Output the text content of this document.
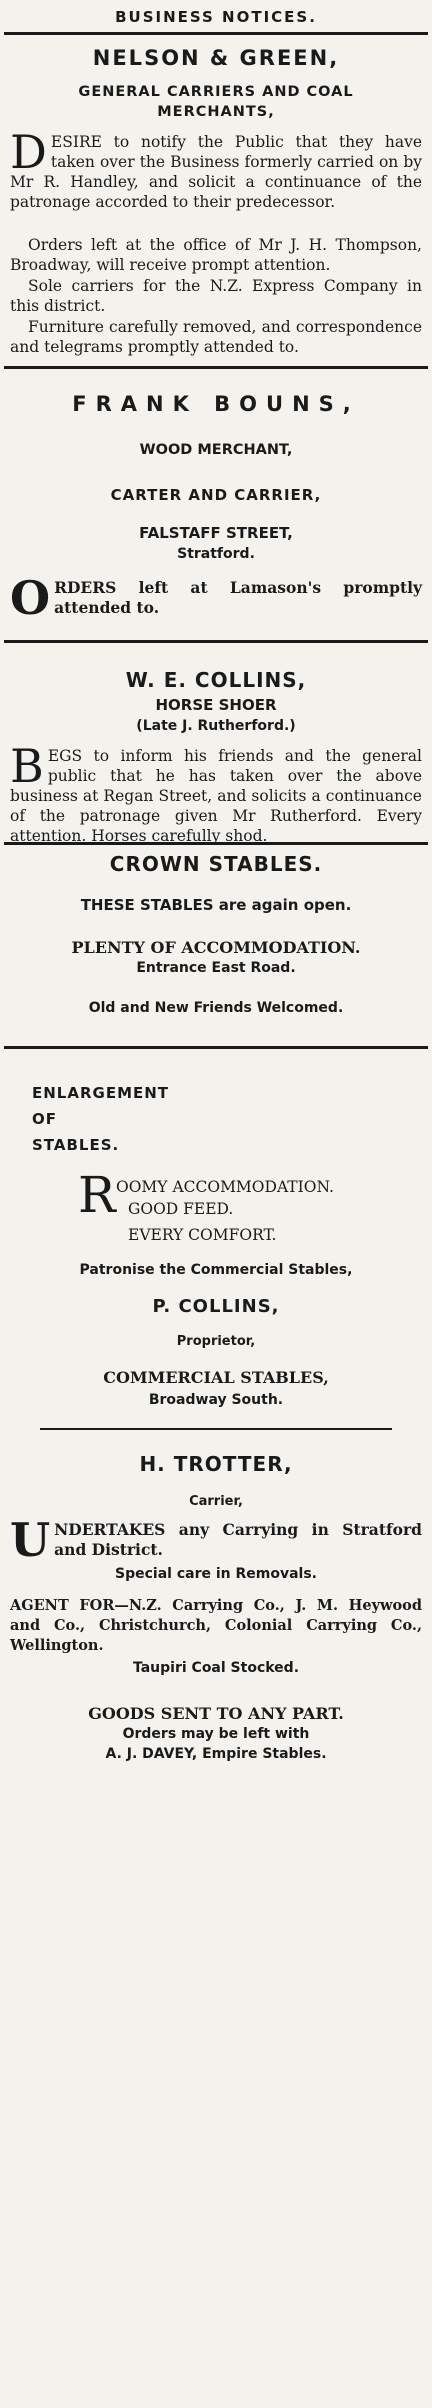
BUSINESS NOTICES.
NELSON & GREEN,
GENERAL CARRIERS AND COAL
MERCHANTS,
DESIRE to notify the Public that they have taken over the Business formerly carried on by Mr R. Handley, and solicit a continuance of the patronage accorded to their predecessor.
Orders left at the office of Mr J. H. Thompson, Broadway, will receive prompt attention.
Sole carriers for the N.Z. Express Company in this district.
Furniture carefully removed, and correspondence and telegrams promptly attended to.
FRANK BOUNS,
WOOD MERCHANT,
CARTER AND CARRIER,
FALSTAFF STREET,
Stratford.
ORDERS left at Lamason's promptly attended to.
W. E. COLLINS,
HORSE SHOER
(Late J. Rutherford.)
BEGS to inform his friends and the general public that he has taken over the above business at Regan Street, and solicits a continuance of the patronage given Mr Rutherford. Every attention. Horses carefully shod.
CROWN STABLES.
THESE STABLES are again open.
PLENTY OF ACCOMMODATION.
Entrance East Road.
Old and New Friends Welcomed.
ENLARGEMENT
OF
STABLES.
R OOMY ACCOMMODATION.
GOOD FEED.
EVERY COMFORT.
Patronise the Commercial Stables,
P. COLLINS,
Proprietor,
COMMERCIAL STABLES,
Broadway South.
H. TROTTER,
Carrier,
UNDERTAKES any Carrying in Stratford and District.
Special care in Removals.
AGENT FOR—N.Z. Carrying Co., J. M. Heywood and Co., Christchurch, Colonial Carrying Co., Wellington.
Taupiri Coal Stocked.
GOODS SENT TO ANY PART.
Orders may be left with
A. J. DAVEY, Empire Stables.
